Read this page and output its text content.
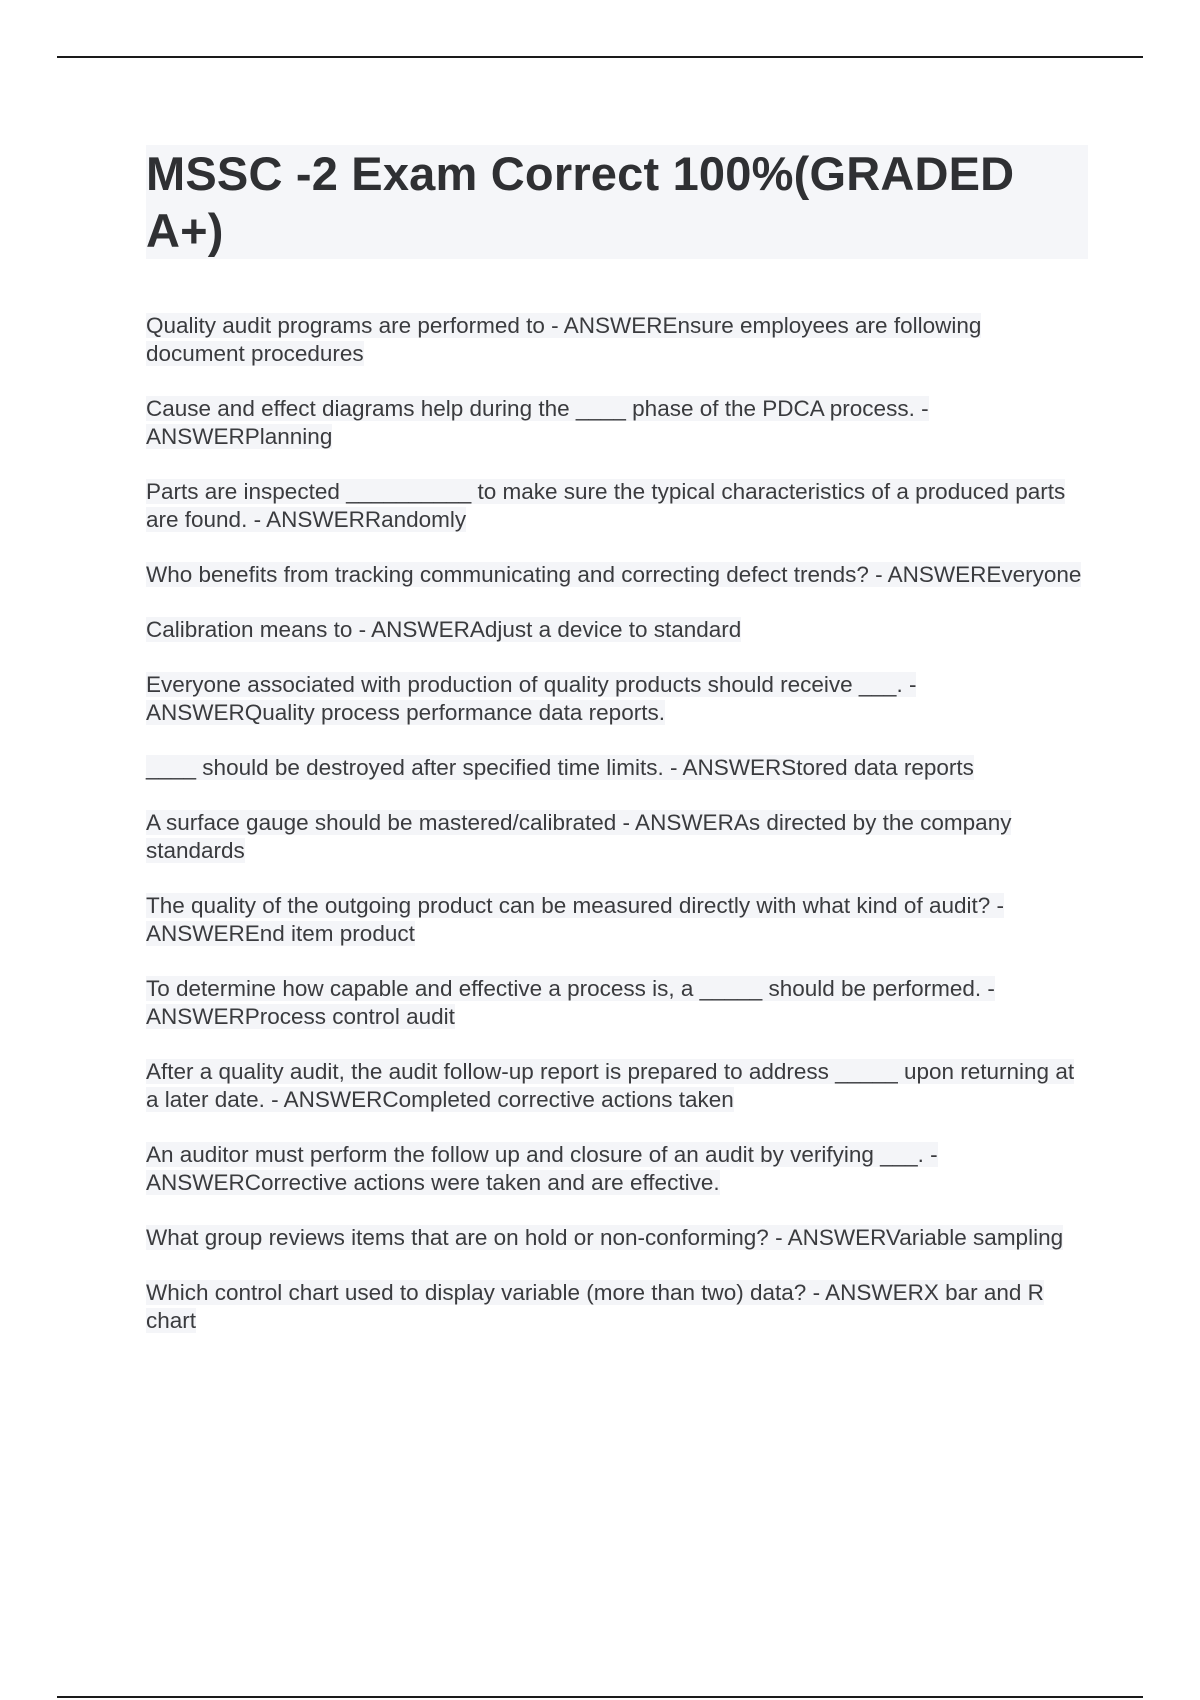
MSSC -2 Exam Correct 100%(GRADED A+)

Quality audit programs are performed to - ANSWEREnsure employees are following document procedures

Cause and effect diagrams help during the ____ phase of the PDCA process. - ANSWERPlanning

Parts are inspected __________ to make sure the typical characteristics of a produced parts are found. - ANSWERRandomly

Who benefits from tracking communicating and correcting defect trends? - ANSWEREveryone

Calibration means to - ANSWERAdjust a device to standard

Everyone associated with production of quality products should receive ___. - ANSWERQuality process performance data reports.

____ should be destroyed after specified time limits. - ANSWERStored data reports

A surface gauge should be mastered/calibrated - ANSWERAs directed by the company standards

The quality of the outgoing product can be measured directly with what kind of audit? - ANSWEREnd item product

To determine how capable and effective a process is, a _____ should be performed. - ANSWERProcess control audit

After a quality audit, the audit follow-up report is prepared to address _____ upon returning at a later date. - ANSWERCompleted corrective actions taken

An auditor must perform the follow up and closure of an audit by verifying ___. - ANSWERCorrective actions were taken and are effective.

What group reviews items that are on hold or non-conforming? - ANSWERVariable sampling

Which control chart used to display variable (more than two) data? - ANSWERX bar and R chart
